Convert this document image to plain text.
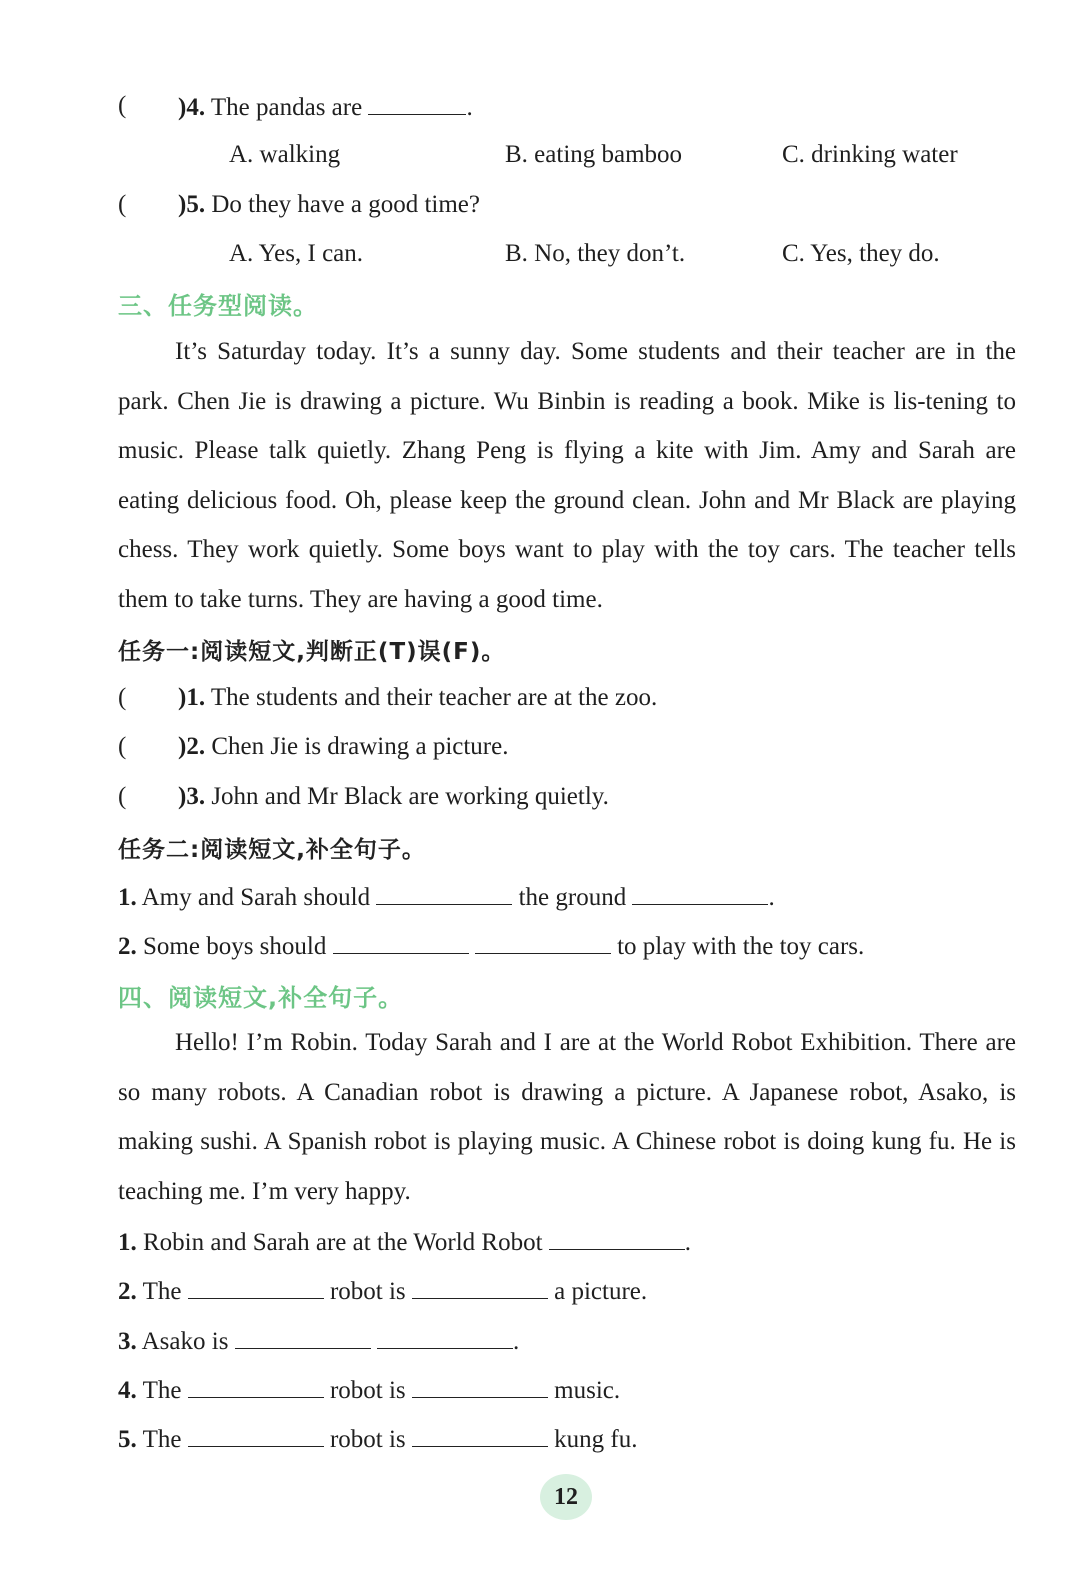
( )4. The pandas are	.
A. walking	B. eating bamboo	C. drinking water
( )5. Do they have a good time?
A. Yes, I can.	B. No, they don’t.	C. Yes, they do.
三、任务型阅读。
It’s Saturday today. It’s a sunny day. Some students and their teacher are in the park. Chen Jie is drawing a picture. Wu Binbin is reading a book. Mike is lis-tening to music. Please talk quietly. Zhang Peng is flying a kite with Jim. Amy and Sarah are eating delicious food. Oh, please keep the ground clean. John and Mr Black are playing chess. They work quietly. Some boys want to play with the toy cars. The teacher tells them to take turns. They are having a good time.
任务一:阅读短文,判断正(T)误(F)。
( )1. The students and their teacher are at the zoo.
( )2. Chen Jie is drawing a picture.
( )3. John and Mr Black are working quietly.
任务二:阅读短文,补全句子。
1. Amy and Sarah should	the ground	.
2. Some boys should	to play with the toy cars.
四、阅读短文,补全句子。
Hello! I’m Robin. Today Sarah and I are at the World Robot Exhibition. There are so many robots. A Canadian robot is drawing a picture. A Japanese robot, Asako, is making sushi. A Spanish robot is playing music. A Chinese robot is doing kung fu. He is teaching me. I’m very happy.
1. Robin and Sarah are at the World Robot	.
2. The	robot is	a picture.
3. Asako is	.
4. The	robot is	music.
5. The	robot is	kung fu.
12
